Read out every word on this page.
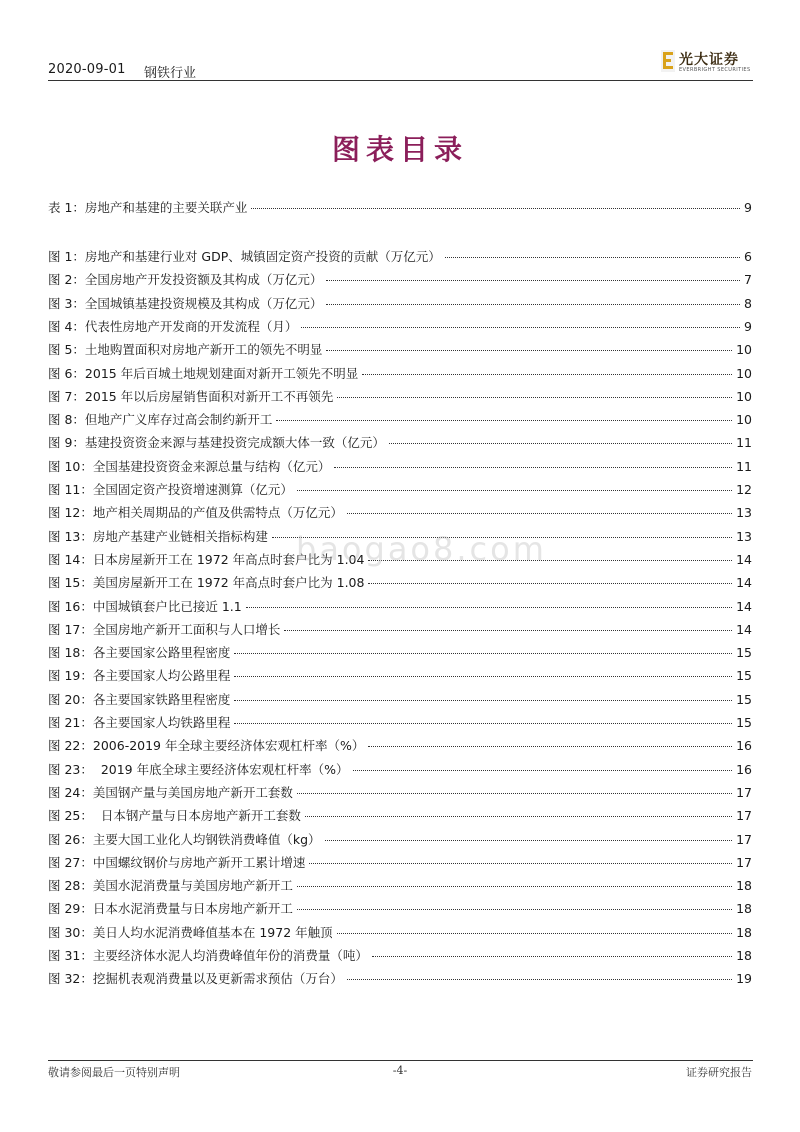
2020-09-01 钢铁行业
光大证券
EVERBRIGHT SECURITIES
图表目录
表 1：房地产和基建的主要关联产业	9
图 1：房地产和基建行业对 GDP、城镇固定资产投资的贡献（万亿元）	6
图 2：全国房地产开发投资额及其构成（万亿元）	7
图 3：全国城镇基建投资规模及其构成（万亿元）	8
图 4：代表性房地产开发商的开发流程（月）	9
图 5：土地购置面积对房地产新开工的领先不明显	10
图 6：2015 年后百城土地规划建面对新开工领先不明显	10
图 7：2015 年以后房屋销售面积对新开工不再领先	10
图 8：但地产广义库存过高会制约新开工	10
图 9：基建投资资金来源与基建投资完成额大体一致（亿元）	11
图 10：全国基建投资资金来源总量与结构（亿元）	11
图 11：全国固定资产投资增速测算（亿元）	12
图 12：地产相关周期品的产值及供需特点（万亿元）	13
图 13：房地产基建产业链相关指标构建	13
图 14：日本房屋新开工在 1972 年高点时套户比为 1.04	14
图 15：美国房屋新开工在 1972 年高点时套户比为 1.08	14
图 16：中国城镇套户比已接近 1.1	14
图 17：全国房地产新开工面积与人口增长	14
图 18：各主要国家公路里程密度	15
图 19：各主要国家人均公路里程	15
图 20：各主要国家铁路里程密度	15
图 21：各主要国家人均铁路里程	15
图 22：2006-2019 年全球主要经济体宏观杠杆率（%）	16
图 23：  2019 年底全球主要经济体宏观杠杆率（%）	16
图 24：美国钢产量与美国房地产新开工套数	17
图 25：  日本钢产量与日本房地产新开工套数	17
图 26：主要大国工业化人均钢铁消费峰值（kg）	17
图 27：中国螺纹钢价与房地产新开工累计增速	17
图 28：美国水泥消费量与美国房地产新开工	18
图 29：日本水泥消费量与日本房地产新开工	18
图 30：美日人均水泥消费峰值基本在 1972 年触顶	18
图 31：主要经济体水泥人均消费峰值年份的消费量（吨）	18
图 32：挖掘机表观消费量以及更新需求预估（万台）	19
baogao8.com
敬请参阅最后一页特别声明	-4-	证券研究报告
